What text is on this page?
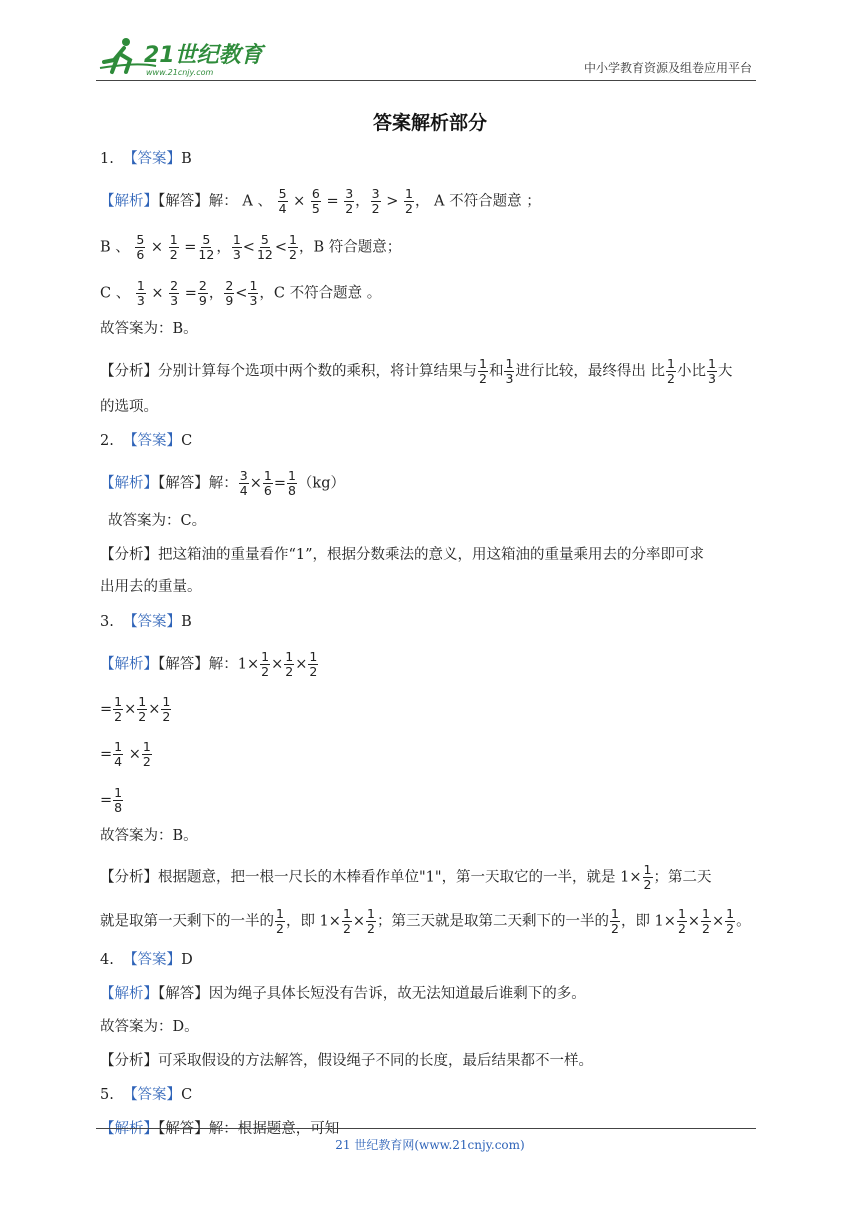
21世纪教育
www.21cnjy.com	中小学教育资源及组卷应用平台
答案解析部分
1. 【答案】B
【解析】【解答】解： A 、 $\frac{5}{4} \times \frac{6}{5} = \frac{3}{2}$ ， $\frac{3}{2} > \frac{1}{2}$ ， A 不符合题意 ；
B 、 $\frac{5}{6} \times \frac{1}{2} = \frac{5}{12}$ ， $\frac{1}{3} < \frac{5}{12} < \frac{1}{2}$ ，B 符合题意；
C 、 $\frac{1}{3} \times \frac{2}{3} = \frac{2}{9}$ ， $\frac{2}{9} < \frac{1}{3}$ ，C 不符合题意 。
故答案为：B。
【分析】分别计算每个选项中两个数的乘积，将计算结果与 $\frac{1}{2}$ 和 $\frac{1}{3}$ 进行比较，最终得出 比 $\frac{1}{2}$ 小比 $\frac{1}{3}$ 大
的选项。
2. 【答案】C
【解析】【解答】解： $\frac{3}{4} \times \frac{1}{6} = \frac{1}{8} (kg)$
故答案为：C。
【分析】把这箱油的重量看作“1”，根据分数乘法的意义，用这箱油的重量乘用去的分率即可求
出用去的重量。
3. 【答案】B
【解析】【解答】解：$1\times \frac{1}{2} \times \frac{1}{2} \times \frac{1}{2}$
= $\frac{1}{2} \times \frac{1}{2} \times \frac{1}{2}$
= $\frac{1}{4} \times \frac{1}{2}$
= $\frac{1}{8}$
故答案为：B。
【分析】根据题意，把一根一尺长的木棒看作单位"1"，第一天取它的一半，就是 $1\times \frac{1}{2}$ ；第二天
就是取第一天剩下的一半的 $\frac{1}{2}$ ，即 $1\times \frac{1}{2} \times \frac{1}{2}$ ；第三天就是取第二天剩下的一半的 $\frac{1}{2}$ ，即 $1\times \frac{1}{2} \times \frac{1}{2} \times \frac{1}{2}$ 。
4. 【答案】D
【解析】【解答】因为绳子具体长短没有告诉，故无法知道最后谁剩下的多。
故答案为：D。
【分析】可采取假设的方法解答，假设绳子不同的长度，最后结果都不一样。
5. 【答案】C
【解析】【解答】解：根据题意，可知
21 世纪教育网(www.21cnjy.com)
